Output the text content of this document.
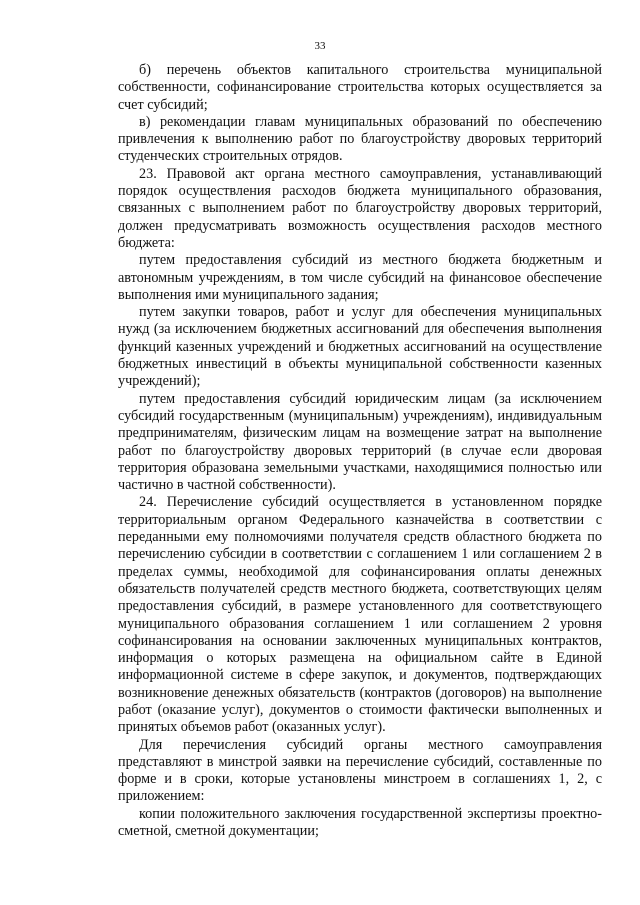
33

б) перечень объектов капитального строительства муниципальной собственности, софинансирование строительства которых осуществляется за счет субсидий;

в) рекомендации главам муниципальных образований по обеспечению привлечения к выполнению работ по благоустройству дворовых территорий студенческих строительных отрядов.

23. Правовой акт органа местного самоуправления, устанавливающий порядок осуществления расходов бюджета муниципального образования, связанных с выполнением работ по благоустройству дворовых территорий, должен предусматривать возможность осуществления расходов местного бюджета:

путем предоставления субсидий из местного бюджета бюджетным и автономным учреждениям, в том числе субсидий на финансовое обеспечение выполнения ими муниципального задания;

путем закупки товаров, работ и услуг для обеспечения муниципальных нужд (за исключением бюджетных ассигнований для обеспечения выполнения функций казенных учреждений и бюджетных ассигнований на осуществление бюджетных инвестиций в объекты муниципальной собственности казенных учреждений);

путем предоставления субсидий юридическим лицам (за исключением субсидий государственным (муниципальным) учреждениям), индивидуальным предпринимателям, физическим лицам на возмещение затрат на выполнение работ по благоустройству дворовых территорий (в случае если дворовая территория образована земельными участками, находящимися полностью или частично в частной собственности).

24. Перечисление субсидий осуществляется в установленном порядке территориальным органом Федерального казначейства в соответствии с переданными ему полномочиями получателя средств областного бюджета по перечислению субсидии в соответствии с соглашением 1 или соглашением 2 в пределах суммы, необходимой для софинансирования оплаты денежных обязательств получателей средств местного бюджета, соответствующих целям предоставления субсидий, в размере установленного для соответствующего муниципального образования соглашением 1 или соглашением 2 уровня софинансирования на основании заключенных муниципальных контрактов, информация о которых размещена на официальном сайте в Единой информационной системе в сфере закупок, и документов, подтверждающих возникновение денежных обязательств (контрактов (договоров) на выполнение работ (оказание услуг), документов о стоимости фактически выполненных и принятых объемов работ (оказанных услуг).

Для перечисления субсидий органы местного самоуправления представляют в минстрой заявки на перечисление субсидий, составленные по форме и в сроки, которые установлены минстроем в соглашениях 1, 2, с приложением:

копии положительного заключения государственной экспертизы проектно-сметной, сметной документации;
